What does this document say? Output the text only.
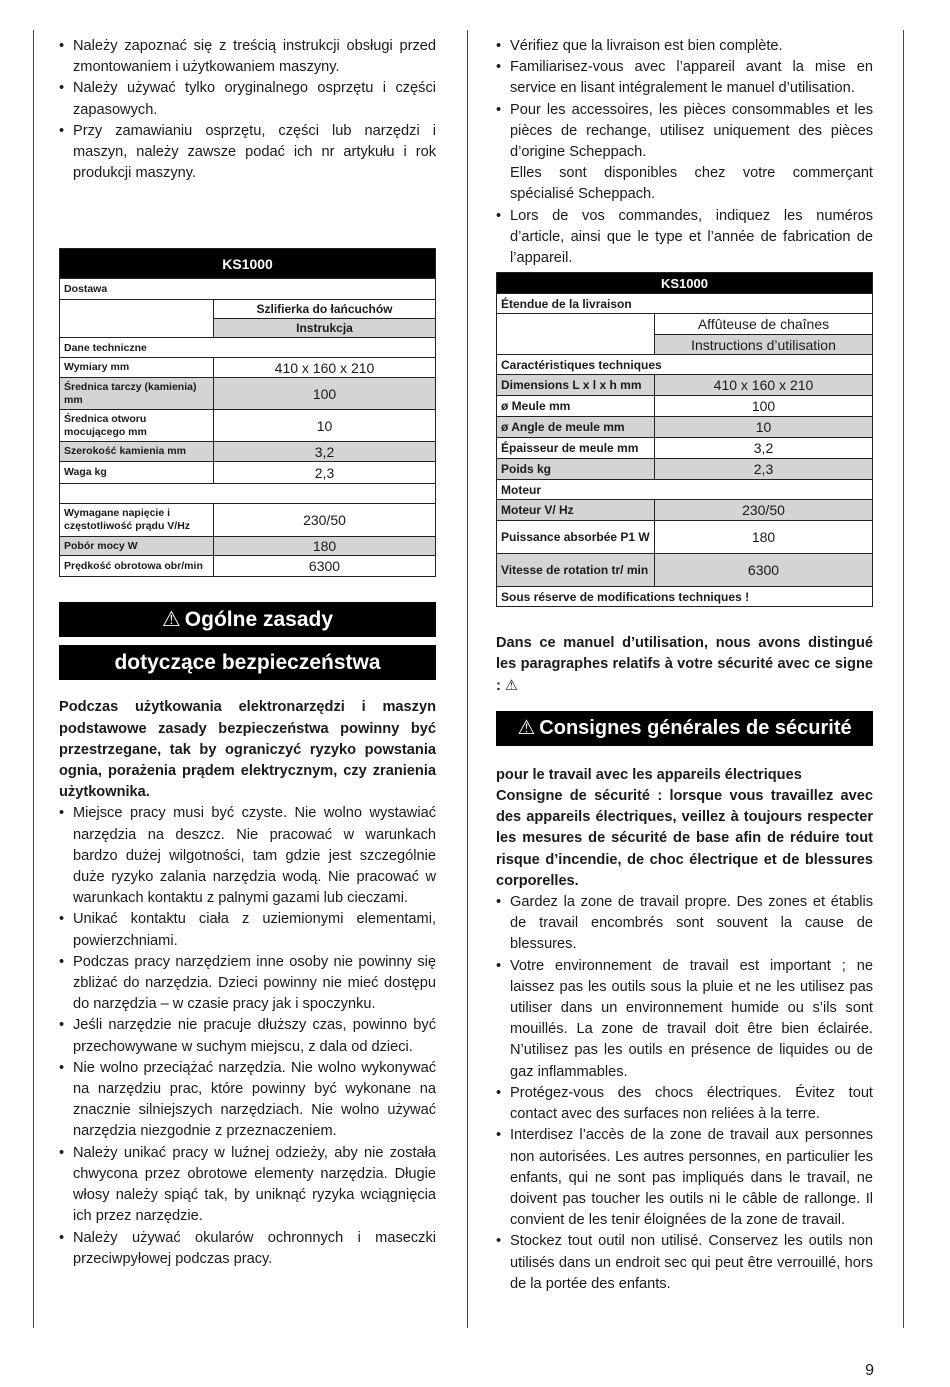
• Należy zapoznać się z treścią instrukcji obsługi przed zmontowaniem i użytkowaniem maszyny.
• Należy używać tylko oryginalnego osprzętu i części zapasowych.
• Przy zamawianiu osprzętu, części lub narzędzi i maszyn, należy zawsze podać ich nr artykułu i rok produkcji maszyny.
KS1000	
Dostawa	
	Szlifierka do łańcuchów
	Instrukcja
Dane techniczne	
Wymiary mm	410 x 160 x 210
Średnica tarczy (kamienia) mm	100
Średnica otworu mocującego mm	10
Szerokość kamienia mm	3,2
Waga kg	2,3

Wymagane napięcie i częstotliwość prądu V/Hz	230/50
Pobór mocy W	180
Prędkość obrotowa obr/min	6300
⚠ Ogólne zasady
dotyczące bezpieczeństwa

Podczas użytkowania elektronarzędzi i maszyn podstawowe zasady bezpieczeństwa powinny być przestrzegane, tak by ograniczyć ryzyko powstania ognia, porażenia prądem elektrycznym, czy zranienia użytkownika.

• Miejsce pracy musi być czyste. Nie wolno wystawiać narzędzia na deszcz. Nie pracować w warunkach bardzo dużej wilgotności, tam gdzie jest szczególnie duże ryzyko zalania narzędzia wodą. Nie pracować w warunkach kontaktu z palnymi gazami lub cieczami.
• Unikać kontaktu ciała z uziemionymi elementami, powierzchniami.
• Podczas pracy narzędziem inne osoby nie powinny się zbliżać do narzędzia. Dzieci powinny nie mieć dostępu do narzędzia – w czasie pracy jak i spoczynku.
• Jeśli narzędzie nie pracuje dłuższy czas, powinno być przechowywane w suchym miejscu, z dala od dzieci.
• Nie wolno przeciążać narzędzia. Nie wolno wykonywać na narzędziu prac, które powinny być wykonane na znacznie silniejszych narzędziach. Nie wolno używać narzędzia niezgodnie z przeznaczeniem.
• Należy unikać pracy w luźnej odzieży, aby nie została chwycona przez obrotowe elementy narzędzia. Długie włosy należy spiąć tak, by uniknąć ryzyka wciągnięcia ich przez narzędzie.
• Należy używać okularów ochronnych i maseczki przeciwpyłowej podczas pracy.
• Vérifiez que la livraison est bien complète.
• Familiarisez-vous avec l’appareil avant la mise en service en lisant intégralement le manuel d’utilisation.
• Pour les accessoires, les pièces consommables et les pièces de rechange, utilisez uniquement des pièces d’origine Scheppach.
Elles sont disponibles chez votre commerçant spécialisé Scheppach.
• Lors de vos commandes, indiquez les numéros d’article, ainsi que le type et l’année de fabrication de l’appareil.
KS1000	
Étendue de la livraison	
	Affûteuse de chaînes
	Instructions d’utilisation
Caractéristiques techniques	
Dimensions L x l x h mm	410 x 160 x 210
ø Meule mm	100
ø Angle de meule mm	10
Épaisseur de meule mm	3,2
Poids kg	2,3
Moteur	
Moteur V/ Hz	230/50
Puissance absorbée P1 W	180
Vitesse de rotation tr/ min	6300
Sous réserve de modifications techniques !	

Dans ce manuel d’utilisation, nous avons distingué les paragraphes relatifs à votre sécurité avec ce signe : ⚠

⚠ Consignes générales de sécurité

pour le travail avec les appareils électriques

Consigne de sécurité : lorsque vous travaillez avec des appareils électriques, veillez à toujours respecter les mesures de sécurité de base afin de réduire tout risque d’incendie, de choc électrique et de blessures corporelles.

• Gardez la zone de travail propre. Des zones et établis de travail encombrés sont souvent la cause de blessures.
• Votre environnement de travail est important ; ne laissez pas les outils sous la pluie et ne les utilisez pas utiliser dans un environnement humide ou s’ils sont mouillés. La zone de travail doit être bien éclairée. N’utilisez pas les outils en présence de liquides ou de gaz inflammables.
• Protégez-vous des chocs électriques. Évitez tout contact avec des surfaces non reliées à la terre.
• Interdisez l’accès de la zone de travail aux personnes non autorisées. Les autres personnes, en particulier les enfants, qui ne sont pas impliqués dans le travail, ne doivent pas toucher les outils ni le câble de rallonge. Il convient de les tenir éloignées de la zone de travail.
• Stockez tout outil non utilisé. Conservez les outils non utilisés dans un endroit sec qui peut être verrouillé, hors de la portée des enfants.
9
